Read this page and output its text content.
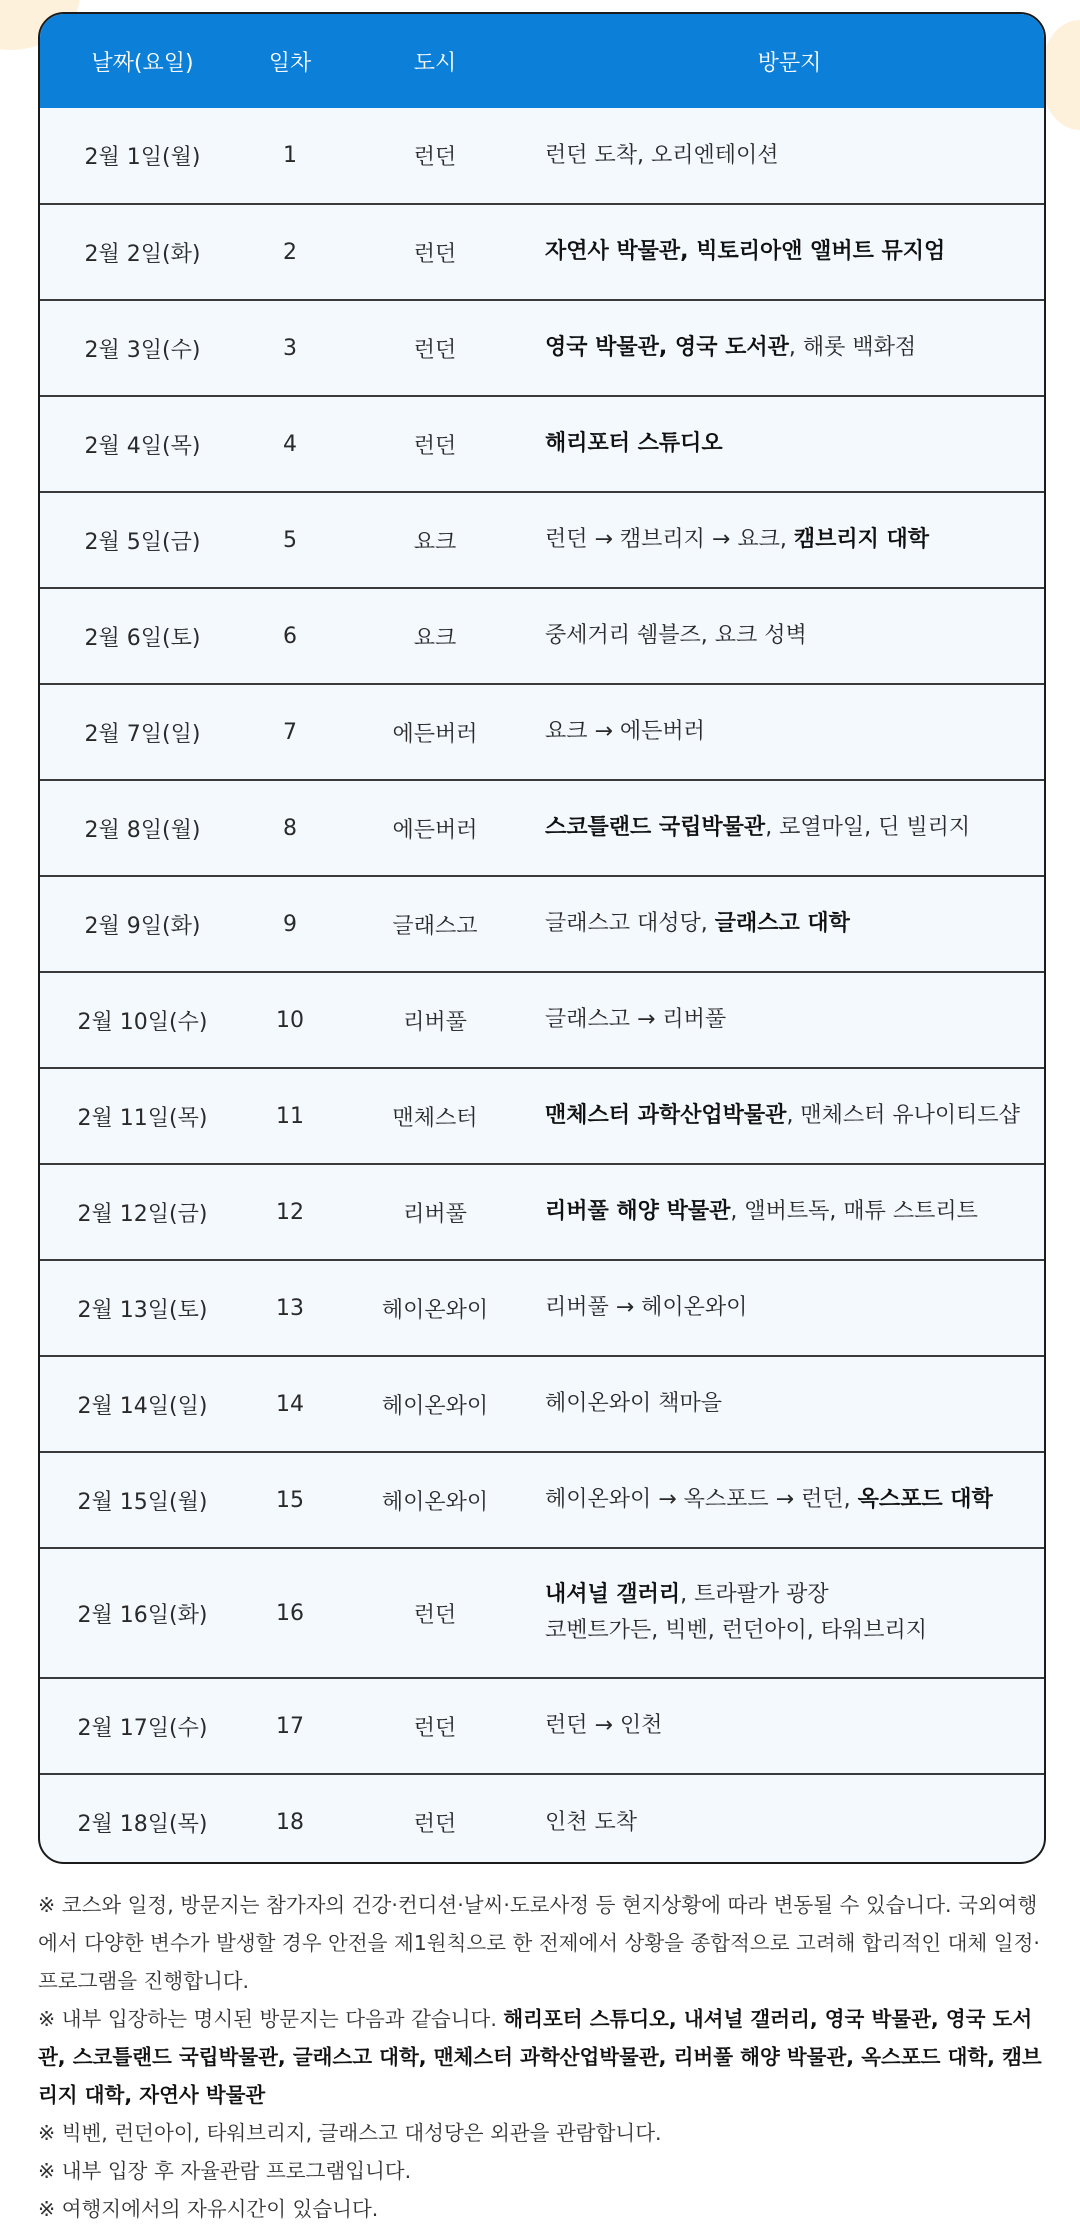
날짜(요일)	일차	도시	방문지
2월 1일(월)	1	런던	런던 도착, 오리엔테이션

2월 2일(화)	2	런던	자연사 박물관, 빅토리아앤 앨버트 뮤지엄

2월 3일(수)	3	런던	영국 박물관, 영국 도서관, 해롯 백화점

2월 4일(목)	4	런던	해리포터 스튜디오

2월 5일(금)	5	요크	런던 → 캠브리지 → 요크, 캠브리지 대학

2월 6일(토)	6	요크	중세거리 쉠블즈, 요크 성벽

2월 7일(일)	7	에든버러	요크 → 에든버러

2월 8일(월)	8	에든버러	스코틀랜드 국립박물관, 로열마일, 딘 빌리지

2월 9일(화)	9	글래스고	글래스고 대성당, 글래스고 대학

2월 10일(수)	10	리버풀	글래스고 → 리버풀

2월 11일(목)	11	맨체스터	맨체스터 과학산업박물관, 맨체스터 유나이티드샵

2월 12일(금)	12	리버풀	리버풀 해양 박물관, 앨버트독, 매튜 스트리트

2월 13일(토)	13	헤이온와이	리버풀 → 헤이온와이

2월 14일(일)	14	헤이온와이	헤이온와이 책마을

2월 15일(월)	15	헤이온와이	헤이온와이 → 옥스포드 → 런던, 옥스포드 대학

2월 16일(화)	16	런던	내셔널 갤러리, 트라팔가 광장
코벤트가든, 빅벤, 런던아이, 타워브리지

2월 17일(수)	17	런던	런던 → 인천

2월 18일(목)	18	런던	인천 도착

※ 코스와 일정, 방문지는 참가자의 건강·컨디션·날씨·도로사정 등 현지상황에 따라 변동될 수 있습니다. 국외여행에서 다양한 변수가 발생할 경우 안전을 제1원칙으로 한 전제에서 상황을 종합적으로 고려해 합리적인 대체 일정·프로그램을 진행합니다.

※ 내부 입장하는 명시된 방문지는 다음과 같습니다. 해리포터 스튜디오, 내셔널 갤러리, 영국 박물관, 영국 도서관, 스코틀랜드 국립박물관, 글래스고 대학, 맨체스터 과학산업박물관, 리버풀 해양 박물관, 옥스포드 대학, 캠브리지 대학, 자연사 박물관

※ 빅벤, 런던아이, 타워브리지, 글래스고 대성당은 외관을 관람합니다.

※ 내부 입장 후 자율관람 프로그램입니다.

※ 여행지에서의 자유시간이 있습니다.
